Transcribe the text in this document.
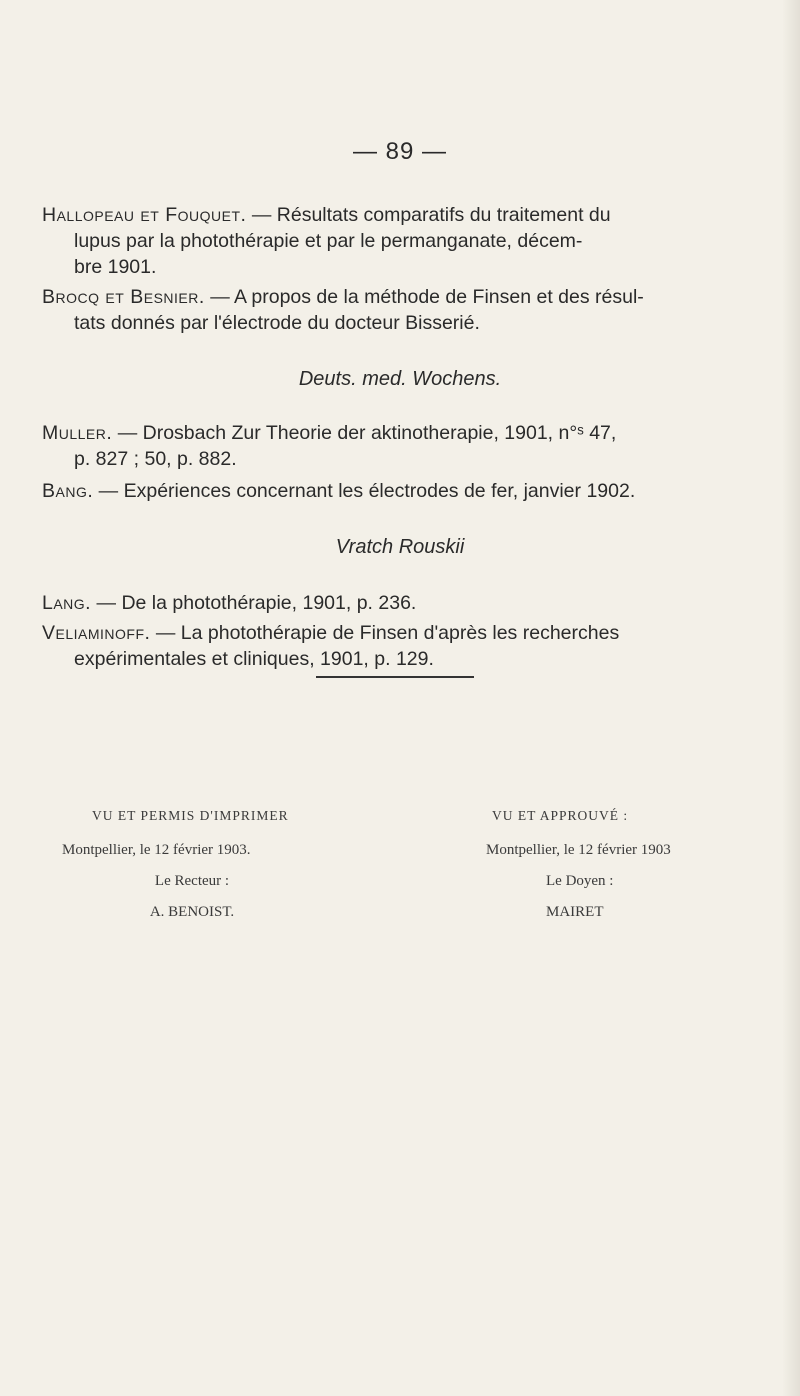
— 89 —
Hallopeau et Fouquet. — Résultats comparatifs du traitement du
lupus par la photothérapie et par le permanganate, décem-
bre 1901.
Brocq et Besnier. — A propos de la méthode de Finsen et des résul-
tats donnés par l'électrode du docteur Bisserié.
Deuts. med. Wochens.
Muller. — Drosbach Zur Theorie der aktinotherapie, 1901, n°ˢ 47,
p. 827 ; 50, p. 882.
Bang. — Expériences concernant les électrodes de fer, janvier 1902.
Vratch Rouskii
Lang. — De la photothérapie, 1901, p. 236.
Veliaminoff. — La photothérapie de Finsen d'après les recherches
expérimentales et cliniques, 1901, p. 129.
VU ET PERMIS D'IMPRIMER
Montpellier, le 12 février 1903.
Le Recteur :
A. BENOIST.
VU ET APPROUVÉ :
Montpellier, le 12 février 1903
Le Doyen :
MAIRET
